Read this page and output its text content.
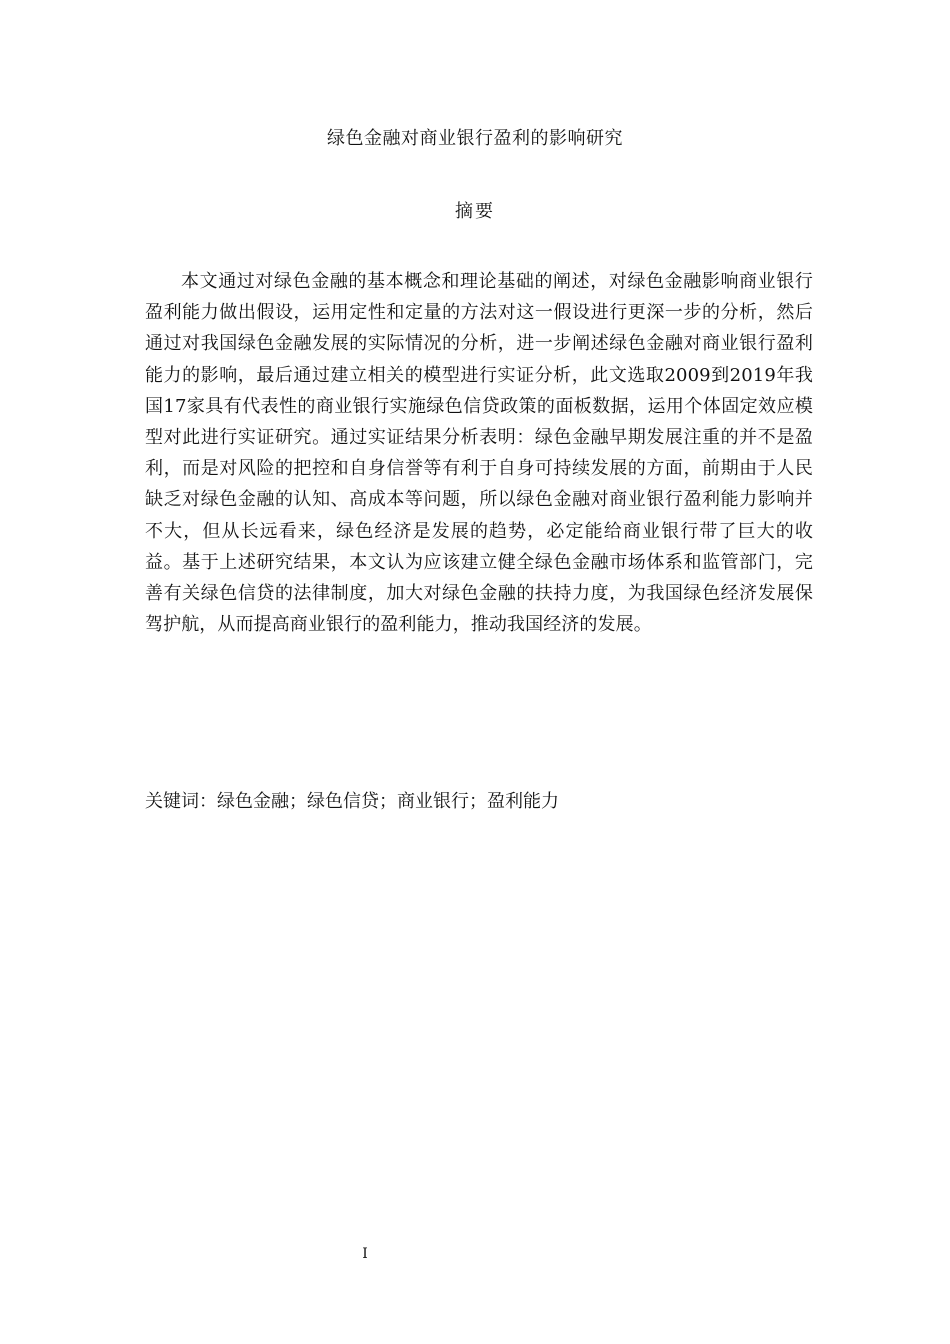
绿色金融对商业银行盈利的影响研究
摘要

本文通过对绿色金融的基本概念和理论基础的阐述，对绿色金融影响商业银行盈利能力做出假设，运用定性和定量的方法对这一假设进行更深一步的分析，然后通过对我国绿色金融发展的实际情况的分析，进一步阐述绿色金融对商业银行盈利能力的影响，最后通过建立相关的模型进行实证分析，此文选取2009到2019年我国17家具有代表性的商业银行实施绿色信贷政策的面板数据，运用个体固定效应模型对此进行实证研究。通过实证结果分析表明：绿色金融早期发展注重的并不是盈利，而是对风险的把控和自身信誉等有利于自身可持续发展的方面，前期由于人民缺乏对绿色金融的认知、高成本等问题，所以绿色金融对商业银行盈利能力影响并不大，但从长远看来，绿色经济是发展的趋势，必定能给商业银行带了巨大的收益。基于上述研究结果，本文认为应该建立健全绿色金融市场体系和监管部门，完善有关绿色信贷的法律制度，加大对绿色金融的扶持力度，为我国绿色经济发展保驾护航，从而提高商业银行的盈利能力，推动我国经济的发展。

关键词：绿色金融；绿色信贷；商业银行；盈利能力
I
